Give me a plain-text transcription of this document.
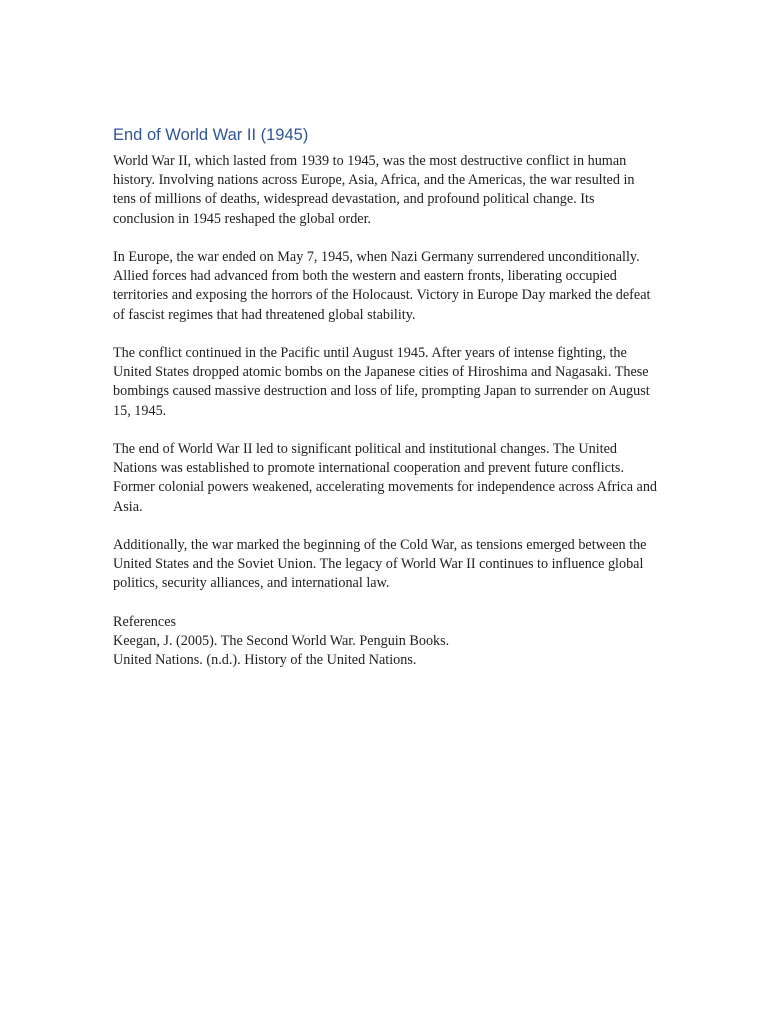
End of World War II (1945)

World War II, which lasted from 1939 to 1945, was the most destructive conflict in human history. Involving nations across Europe, Asia, Africa, and the Americas, the war resulted in tens of millions of deaths, widespread devastation, and profound political change. Its conclusion in 1945 reshaped the global order.

In Europe, the war ended on May 7, 1945, when Nazi Germany surrendered unconditionally. Allied forces had advanced from both the western and eastern fronts, liberating occupied territories and exposing the horrors of the Holocaust. Victory in Europe Day marked the defeat of fascist regimes that had threatened global stability.

The conflict continued in the Pacific until August 1945. After years of intense fighting, the United States dropped atomic bombs on the Japanese cities of Hiroshima and Nagasaki. These bombings caused massive destruction and loss of life, prompting Japan to surrender on August 15, 1945.

The end of World War II led to significant political and institutional changes. The United Nations was established to promote international cooperation and prevent future conflicts. Former colonial powers weakened, accelerating movements for independence across Africa and Asia.

Additionally, the war marked the beginning of the Cold War, as tensions emerged between the United States and the Soviet Union. The legacy of World War II continues to influence global politics, security alliances, and international law.

References

Keegan, J. (2005). The Second World War. Penguin Books.

United Nations. (n.d.). History of the United Nations.
